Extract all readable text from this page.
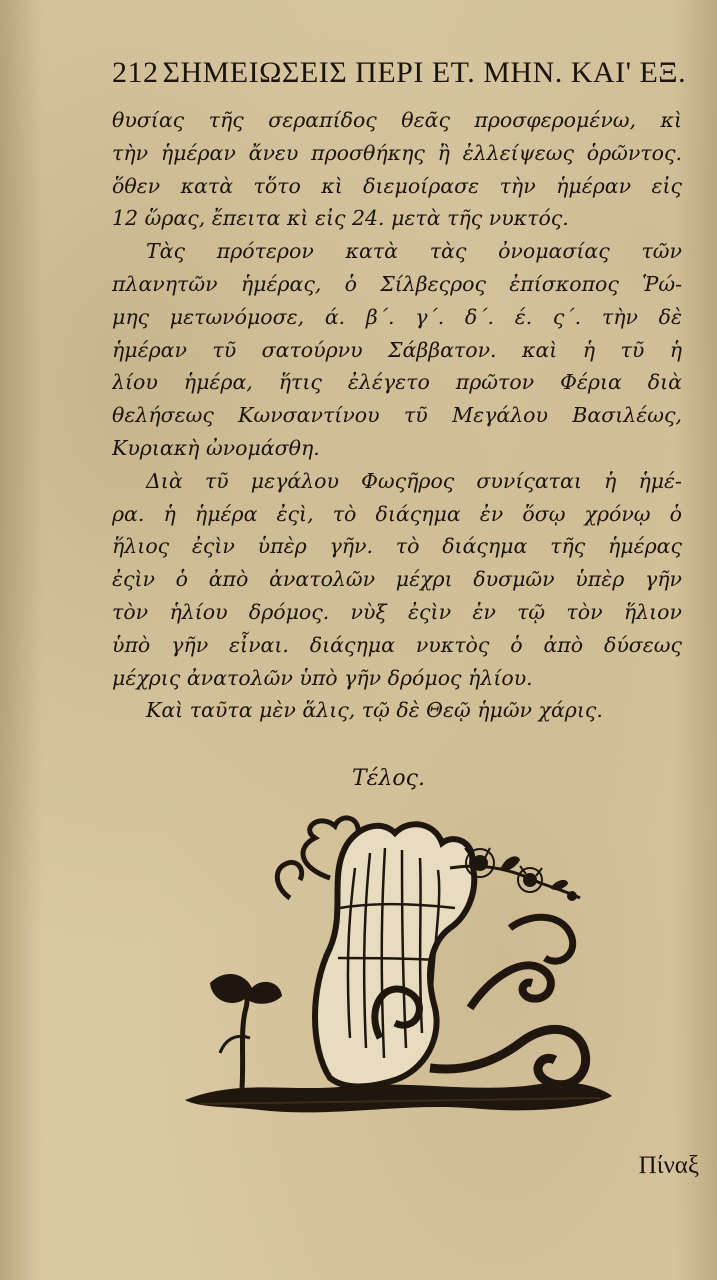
212 ΣΗΜΕΙΩΣΕΙΣ ΠΕΡΙ ΕΤ. ΜΗΝ. ΚΑΙ' ΕΞ.
θυσίας τῆς σεραπίδος θεᾶς προσφερομένω, κὶ
τὴν ἡμέραν ἄνευ προσθήκης ἢ ἐλλείψεως ὁρῶντος.
ὅθεν κατὰ τὅτο κὶ διεμοίρασε τὴν ἡμέραν εἰς
12 ὥρας, ἔπειτα κὶ εἰς 24. μετὰ τῆς νυκτός.
Τὰς πρότερον κατὰ τὰς ὀνομασίας τῶν
πλανητῶν ἡμέρας, ὁ Σίλβεςρος ἐπίσκοπος Ῥώ-
μης μετωνόμοσε, ά. β΄. γ΄. δ΄. έ. ς΄. τὴν δὲ
ἡμέραν τῦ σατούρνυ Σάββατον. καὶ ἡ τῦ ἡ
λίου ἡμέρα, ἥτις ἐλέγετο πρῶτον Φέρια διὰ
θελήσεως Κωνσαντίνου τῦ Μεγάλου Βασιλέως,
Κυριακὴ ὠνομάσθη.
Διὰ τῦ μεγάλου Φωςῆρος συνίςαται ἡ ἡμέ-
ρα. ἡ ἡμέρα ἐςὶ, τὸ διάςημα ἐν ὅσῳ χρόνῳ ὁ
ἥλιος ἐςὶν ὑπὲρ γῆν. τὸ διάςημα τῆς ἡμέρας
ἐςὶν ὁ ἀπὸ ἀνατολῶν μέχρι δυσμῶν ὑπὲρ γῆν
τὸν ἡλίου δρόμος. νὺξ ἐςὶν ἐν τῷ τὸν ἥλιον
ὑπὸ γῆν εἶναι. διάςημα νυκτὸς ὁ ἀπὸ δύσεως
μέχρις ἀνατολῶν ὑπὸ γῆν δρόμος ἡλίου.
Καὶ ταῦτα μὲν ἅλις, τῷ δὲ Θεῷ ἡμῶν χάρις.
Τέλος.
Πίναξ
